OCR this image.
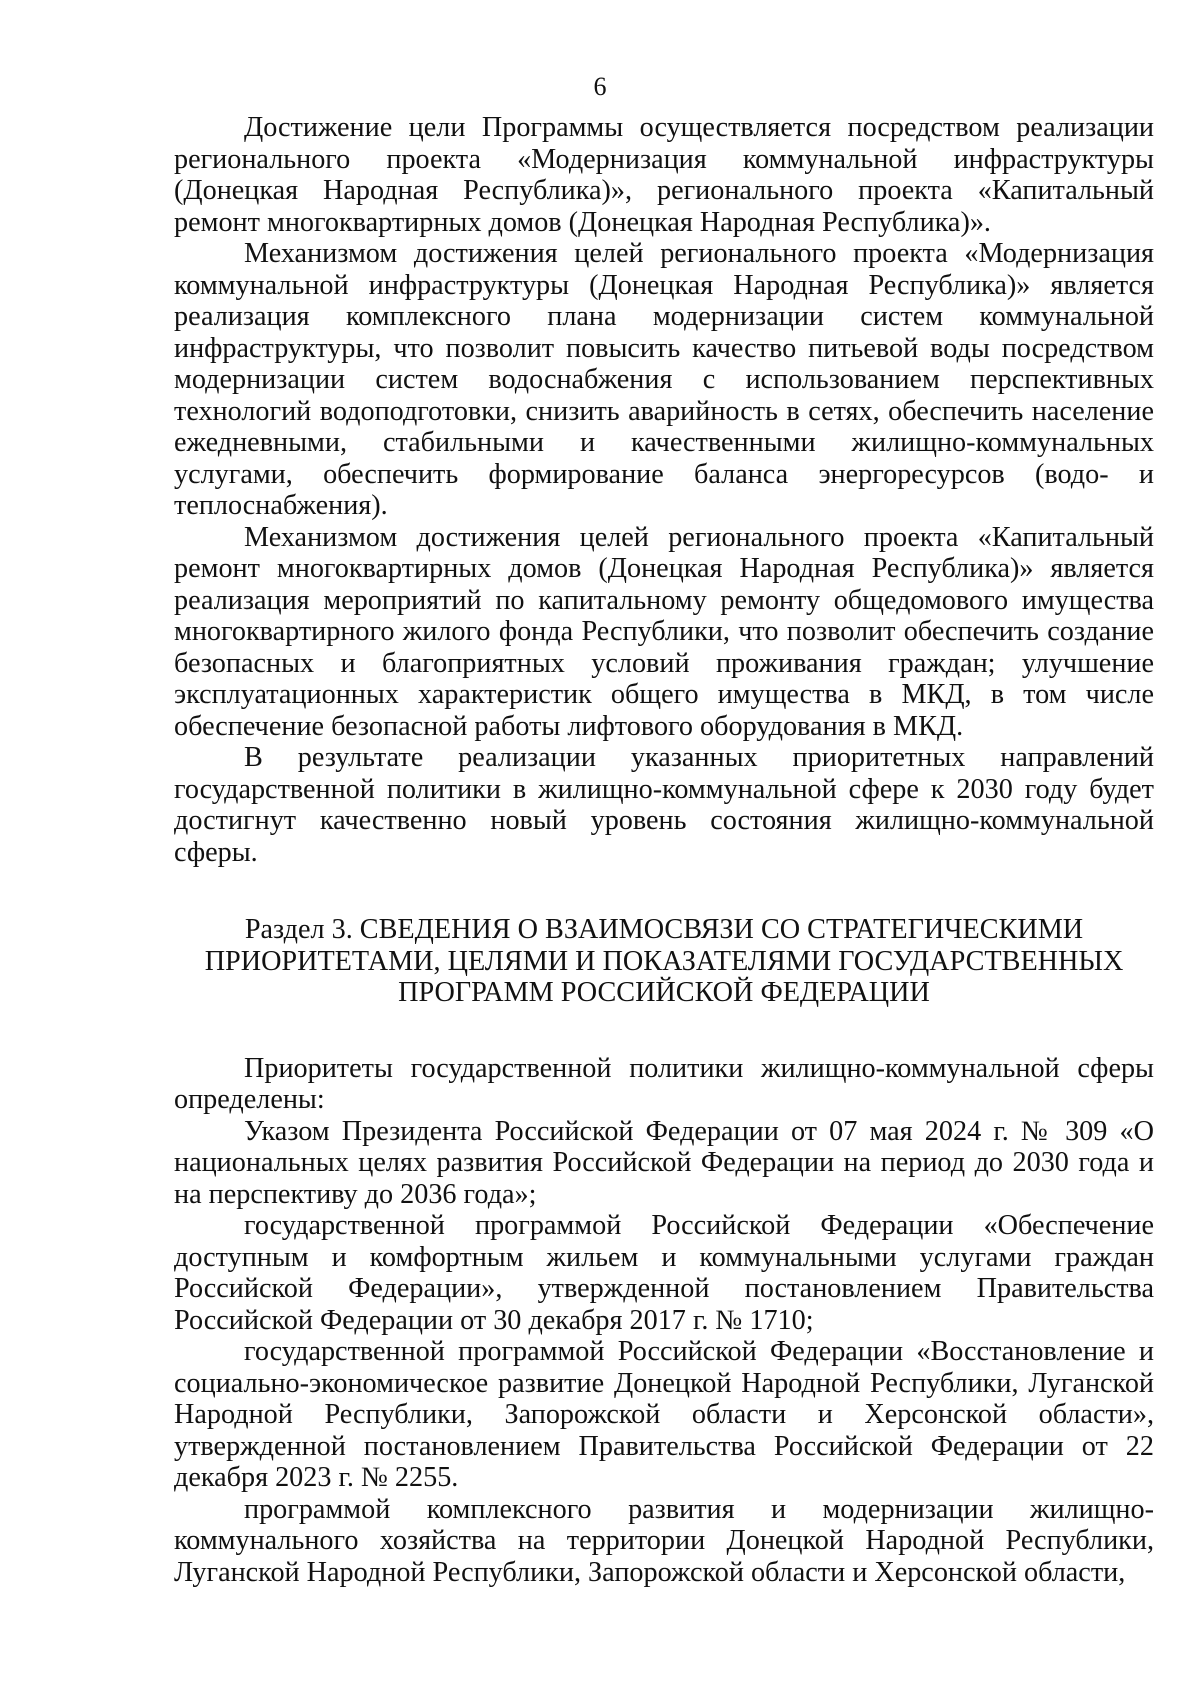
6

Достижение цели Программы осуществляется посредством реализации регионального проекта «Модернизация коммунальной инфраструктуры (Донецкая Народная Республика)», регионального проекта «Капитальный ремонт многоквартирных домов (Донецкая Народная Республика)».

Механизмом достижения целей регионального проекта «Модернизация коммунальной инфраструктуры (Донецкая Народная Республика)» является реализация комплексного плана модернизации систем коммунальной инфраструктуры, что позволит повысить качество питьевой воды посредством модернизации систем водоснабжения с использованием перспективных технологий водоподготовки, снизить аварийность в сетях, обеспечить население ежедневными, стабильными и качественными жилищно-коммунальных услугами, обеспечить формирование баланса энергоресурсов (водо- и теплоснабжения).

Механизмом достижения целей регионального проекта «Капитальный ремонт многоквартирных домов (Донецкая Народная Республика)» является реализация мероприятий по капитальному ремонту общедомового имущества многоквартирного жилого фонда Республики, что позволит обеспечить создание безопасных и благоприятных условий проживания граждан; улучшение эксплуатационных характеристик общего имущества в МКД, в том числе обеспечение безопасной работы лифтового оборудования в МКД.

В результате реализации указанных приоритетных направлений государственной политики в жилищно-коммунальной сфере к 2030 году будет достигнут качественно новый уровень состояния жилищно-коммунальной сферы.

Раздел 3. СВЕДЕНИЯ О ВЗАИМОСВЯЗИ СО СТРАТЕГИЧЕСКИМИ
ПРИОРИТЕТАМИ, ЦЕЛЯМИ И ПОКАЗАТЕЛЯМИ ГОСУДАРСТВЕННЫХ
ПРОГРАММ РОССИЙСКОЙ ФЕДЕРАЦИИ

Приоритеты государственной политики жилищно-коммунальной сферы определены:

Указом Президента Российской Федерации от 07 мая 2024 г. № 309 «О национальных целях развития Российской Федерации на период до 2030 года и на перспективу до 2036 года»;

государственной программой Российской Федерации «Обеспечение доступным и комфортным жильем и коммунальными услугами граждан Российской Федерации», утвержденной постановлением Правительства Российской Федерации от 30 декабря 2017 г. № 1710;

государственной программой Российской Федерации «Восстановление и социально-экономическое развитие Донецкой Народной Республики, Луганской Народной Республики, Запорожской области и Херсонской области», утвержденной постановлением Правительства Российской Федерации от 22 декабря 2023 г. № 2255.

программой комплексного развития и модернизации жилищно-коммунального хозяйства на территории Донецкой Народной Республики, Луганской Народной Республики, Запорожской области и Херсонской области,
